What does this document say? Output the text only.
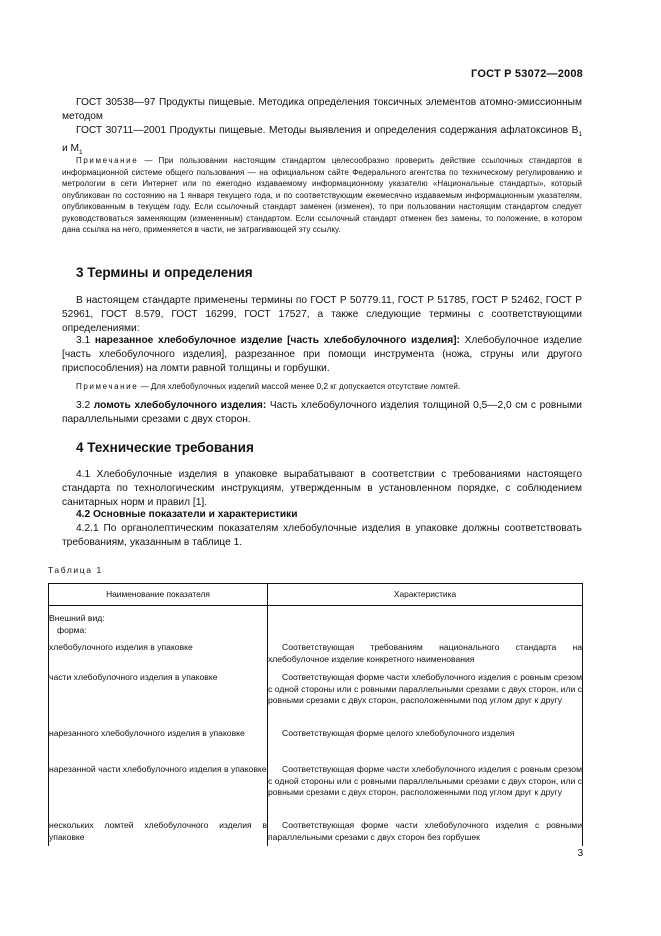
ГОСТ Р 53072—2008
ГОСТ 30538—97 Продукты пищевые. Методика определения токсичных элементов атомно-эмиссионным методом
ГОСТ 30711—2001 Продукты пищевые. Методы выявления и определения содержания афлатоксинов $B_1$ и $M_1$
Примечание — При пользовании настоящим стандартом целесообразно проверить действие ссылочных стандартов в информационной системе общего пользования — на официальном сайте Федерального агентства по техническому регулированию и метрологии в сети Интернет или по ежегодно издаваемому информационному указателю «Национальные стандарты», который опубликован по состоянию на 1 января текущего года, и по соответствующим ежемесячно издаваемым информационным указателям, опубликованным в текущем году. Если ссылочный стандарт заменен (изменен), то при пользовании настоящим стандартом следует руководствоваться заменяющим (измененным) стандартом. Если ссылочный стандарт отменен без замены, то положение, в котором дана ссылка на него, применяется в части, не затрагивающей эту ссылку.
3 Термины и определения
В настоящем стандарте применены термины по ГОСТ Р 50779.11, ГОСТ Р 51785, ГОСТ Р 52462, ГОСТ Р 52961, ГОСТ 8.579, ГОСТ 16299, ГОСТ 17527, а также следующие термины с соответствующими определениями:
3.1 нарезанное хлебобулочное изделие [часть хлебобулочного изделия]: Хлебобулочное изделие [часть хлебобулочного изделия], разрезанное при помощи инструмента (ножа, струны или другого приспособления) на ломти равной толщины и горбушки.
Примечание — Для хлебобулочных изделий массой менее 0,2 кг допускается отсутствие ломтей.
3.2 ломоть хлебобулочного изделия: Часть хлебобулочного изделия толщиной 0,5—2,0 см с ровными параллельными срезами с двух сторон.
4 Технические требования
4.1 Хлебобулочные изделия в упаковке вырабатывают в соответствии с требованиями настоящего стандарта по технологическим инструкциям, утвержденным в установленном порядке, с соблюдением санитарных норм и правил [1].
4.2 Основные показатели и характеристики
4.2.1 По органолептическим показателям хлебобулочные изделия в упаковке должны соответствовать требованиям, указанным в таблице 1.
Таблица 1
Наименование показателя	Характеристика

Внешний вид:
форма:	

хлебобулочного изделия в упаковке	Соответствующая требованиям национального стандарта на хлебобулочное изделие конкретного наименования
части хлебобулочного изделия в упаковке	Соответствующая форме части хлебобулочного изделия с ровным срезом с одной стороны или с ровными параллельными срезами с двух сторон, или с ровными срезами с двух сторон, расположенными под углом друг к другу
нарезанного хлебобулочного изделия в упаковке	Соответствующая форме целого хлебобулочного изделия
нарезанной части хлебобулочного изделия в упаковке	Соответствующая форме части хлебобулочного изделия с ровным срезом с одной стороны или с ровными параллельными срезами с двух сторон, или с ровными срезами с двух сторон, расположенными под углом друг к другу
нескольких ломтей хлебобулочного изделия в упаковке	Соответствующая форме части хлебобулочного изделия с ровными параллельными срезами с двух сторон без горбушек
3
